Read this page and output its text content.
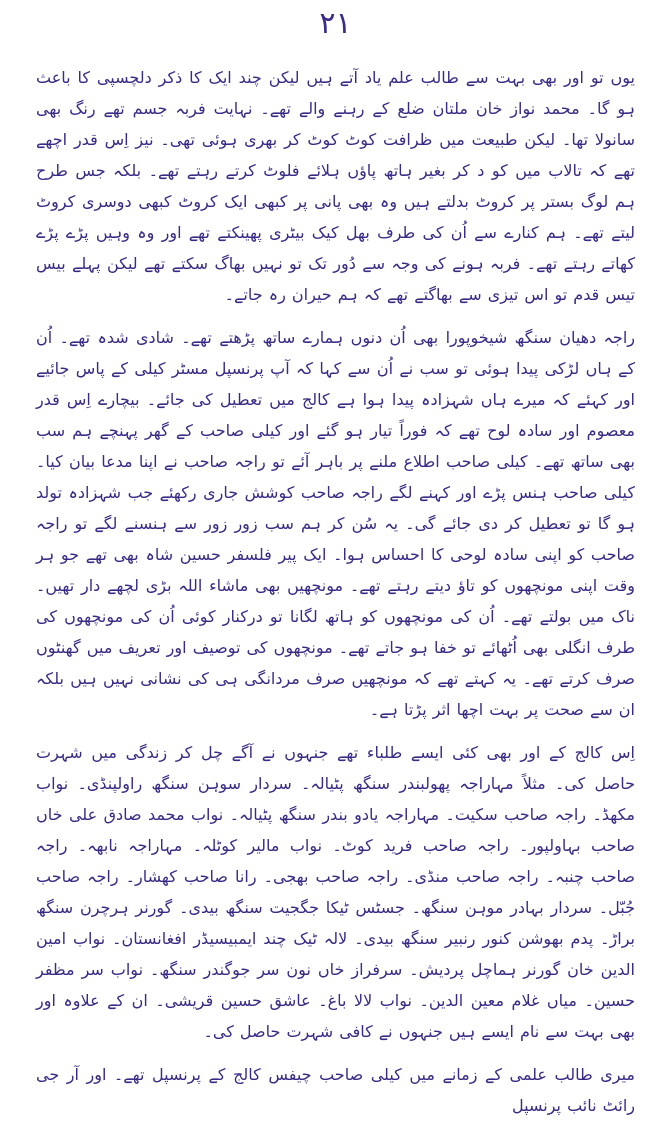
۲۱

یوں تو اور بھی بہت سے طالب علم یاد آتے ہیں لیکن چند ایک کا ذکر دلچسپی کا باعث ہو گا۔ محمد نواز خان ملتان ضلع کے رہنے والے تھے۔ نہایت فربہ جسم تھے رنگ بھی سانولا تھا۔ لیکن طبیعت میں ظرافت کوٹ کوٹ کر بھری ہوئی تھی۔ نیز اِس قدر اچھے تھے کہ تالاب میں کو د کر بغیر ہاتھ پاؤں ہلائے فلوٹ کرتے رہتے تھے۔ بلکہ جس طرح ہم لوگ بستر پر کروٹ بدلتے ہیں وہ بھی پانی پر کبھی ایک کروٹ کبھی دوسری کروٹ لیتے تھے۔ ہم کنارے سے اُن کی طرف بھل کیک بیٹری پھینکتے تھے اور وہ وہیں پڑے پڑے کھاتے رہتے تھے۔ فربہ ہونے کی وجہ سے دُور تک تو نہیں بھاگ سکتے تھے لیکن پہلے بیس تیس قدم تو اس تیزی سے بھاگتے تھے کہ ہم حیران رہ جاتے۔

راجہ دھیان سنگھ شیخوپورا بھی اُن دنوں ہمارے ساتھ پڑھتے تھے۔ شادی شدہ تھے۔ اُن کے ہاں لڑکی پیدا ہوئی تو سب نے اُن سے کہا کہ آپ پرنسپل مسٹر کیلی کے پاس جائیے اور کہئے کہ میرے ہاں شہزادہ پیدا ہوا ہے کالج میں تعطیل کی جائے۔ بیچارے اِس قدر معصوم اور سادہ لوح تھے کہ فوراً تیار ہو گئے اور کیلی صاحب کے گھر پہنچے ہم سب بھی ساتھ تھے۔ کیلی صاحب اطلاع ملنے پر باہر آئے تو راجہ صاحب نے اپنا مدعا بیان کیا۔ کیلی صاحب ہنس پڑے اور کہنے لگے راجہ صاحب کوشش جاری رکھئے جب شہزادہ تولد ہو گا تو تعطیل کر دی جائے گی۔ یہ سُن کر ہم سب زور زور سے ہنسنے لگے تو راجہ صاحب کو اپنی سادہ لوحی کا احساس ہوا۔ ایک پیر فلسفر حسین شاہ بھی تھے جو ہر وقت اپنی مونچھوں کو تاؤ دیتے رہتے تھے۔ مونچھیں بھی ماشاء اللہ بڑی لچھے دار تھیں۔ ناک میں بولتے تھے۔ اُن کی مونچھوں کو ہاتھ لگانا تو درکنار کوئی اُن کی مونچھوں کی طرف انگلی بھی اُٹھائے تو خفا ہو جاتے تھے۔ مونچھوں کی توصیف اور تعریف میں گھنٹوں صرف کرتے تھے۔ یہ کہتے تھے کہ مونچھیں صرف مردانگی ہی کی نشانی نہیں ہیں بلکہ ان سے صحت پر بہت اچھا اثر پڑتا ہے۔

اِس کالج کے اور بھی کئی ایسے طلباء تھے جنہوں نے آگے چل کر زندگی میں شہرت حاصل کی۔ مثلاً مہاراجہ پھولبندر سنگھ پٹیالہ۔ سردار سوہن سنگھ راولپنڈی۔ نواب مکھڈ۔ راجہ صاحب سکیت۔ مہاراجہ یادو بندر سنگھ پٹیالہ۔ نواب محمد صادق علی خاں صاحب بہاولپور۔ راجہ صاحب فرید کوٹ۔ نواب مالیر کوٹلہ۔ مہاراجہ نابھہ۔ راجہ صاحب چنبہ۔ راجہ صاحب منڈی۔ راجہ صاحب بھجی۔ رانا صاحب کھشار۔ راجہ صاحب جُبّل۔ سردار بہادر موہن سنگھ۔ جسٹس ٹیکا جگجیت سنگھ بیدی۔ گورنر ہرچرن سنگھ براڑ۔ پدم بھوشن کنور رنبیر سنگھ بیدی۔ لالہ ٹیک چند ایمبیسیڈر افغانستان۔ نواب امین الدین خان گورنر ہماچل پردیش۔ سرفراز خاں نون سر جوگندر سنگھ۔ نواب سر مظفر حسین۔ میاں غلام معین الدین۔ نواب لالا باغ۔ عاشق حسین قریشی۔ ان کے علاوہ اور بھی بہت سے نام ایسے ہیں جنہوں نے کافی شہرت حاصل کی۔

میری طالب علمی کے زمانے میں کیلی صاحب چیفس کالج کے پرنسپل تھے۔ اور آر جی رائٹ نائب پرنسپل
